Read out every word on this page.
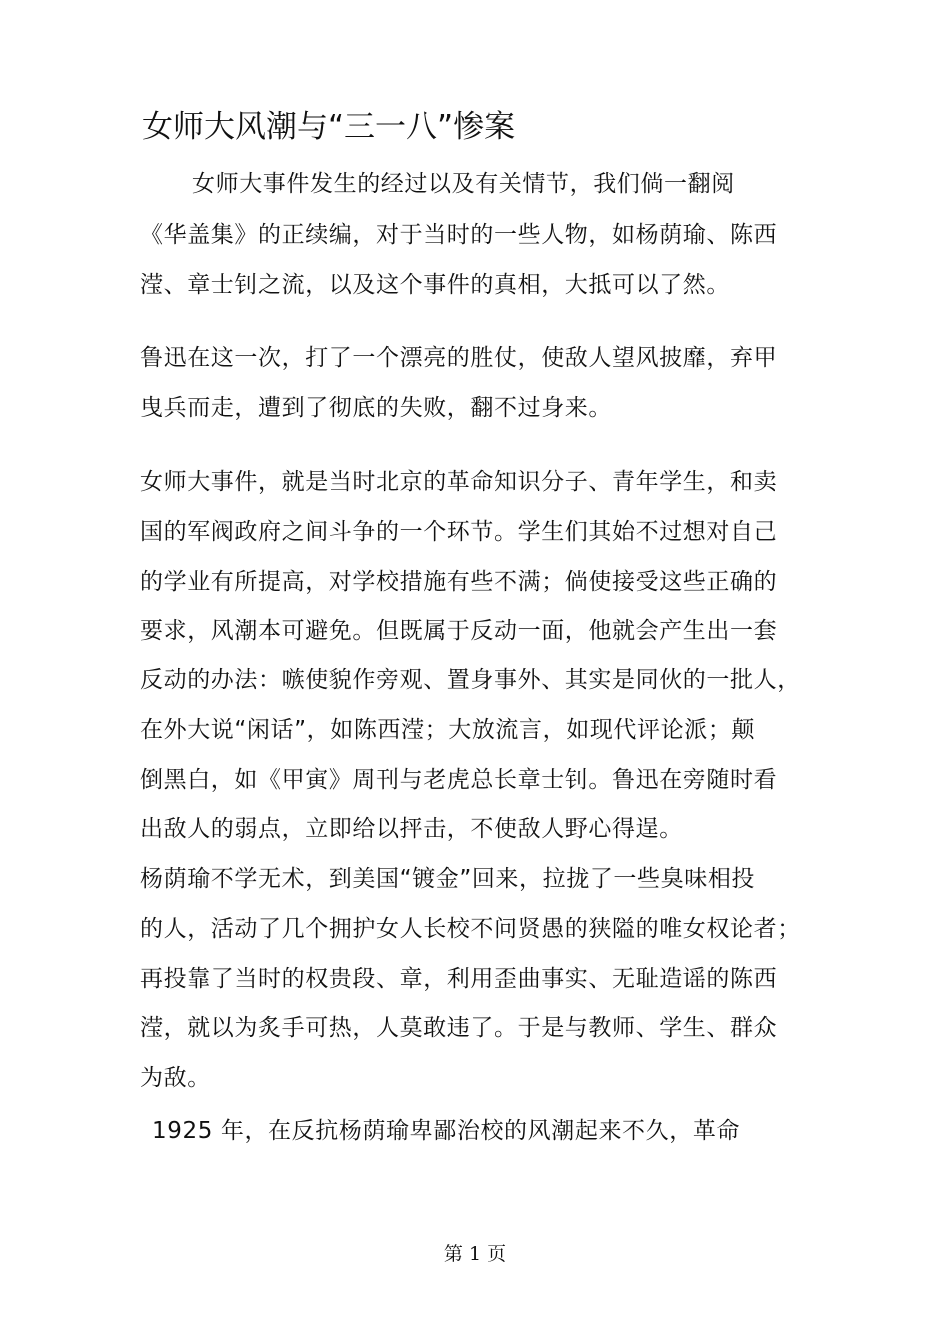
女师大风潮与“三一八”惨案
女师大事件发生的经过以及有关情节，我们倘一翻阅
《华盖集》的正续编，对于当时的一些人物，如杨荫瑜、陈西
滢、章士钊之流，以及这个事件的真相，大抵可以了然。
鲁迅在这一次，打了一个漂亮的胜仗，使敌人望风披靡，弃甲
曳兵而走，遭到了彻底的失败，翻不过身来。
女师大事件，就是当时北京的革命知识分子、青年学生，和卖
国的军阀政府之间斗争的一个环节。学生们其始不过想对自己
的学业有所提高，对学校措施有些不满；倘使接受这些正确的
要求，风潮本可避免。但既属于反动一面，他就会产生出一套
反动的办法：嗾使貌作旁观、置身事外、其实是同伙的一批人，
在外大说“闲话”，如陈西滢；大放流言，如现代评论派；颠
倒黑白，如《甲寅》周刊与老虎总长章士钊。鲁迅在旁随时看
出敌人的弱点，立即给以抨击，不使敌人野心得逞。
杨荫瑜不学无术，到美国“镀金”回来，拉拢了一些臭味相投
的人，活动了几个拥护女人长校不问贤愚的狭隘的唯女权论者；
再投靠了当时的权贵段、章，利用歪曲事实、无耻造谣的陈西
滢，就以为炙手可热，人莫敢违了。于是与教师、学生、群众
为敌。
1925 年，在反抗杨荫瑜卑鄙治校的风潮起来不久，革命
第 1 页
